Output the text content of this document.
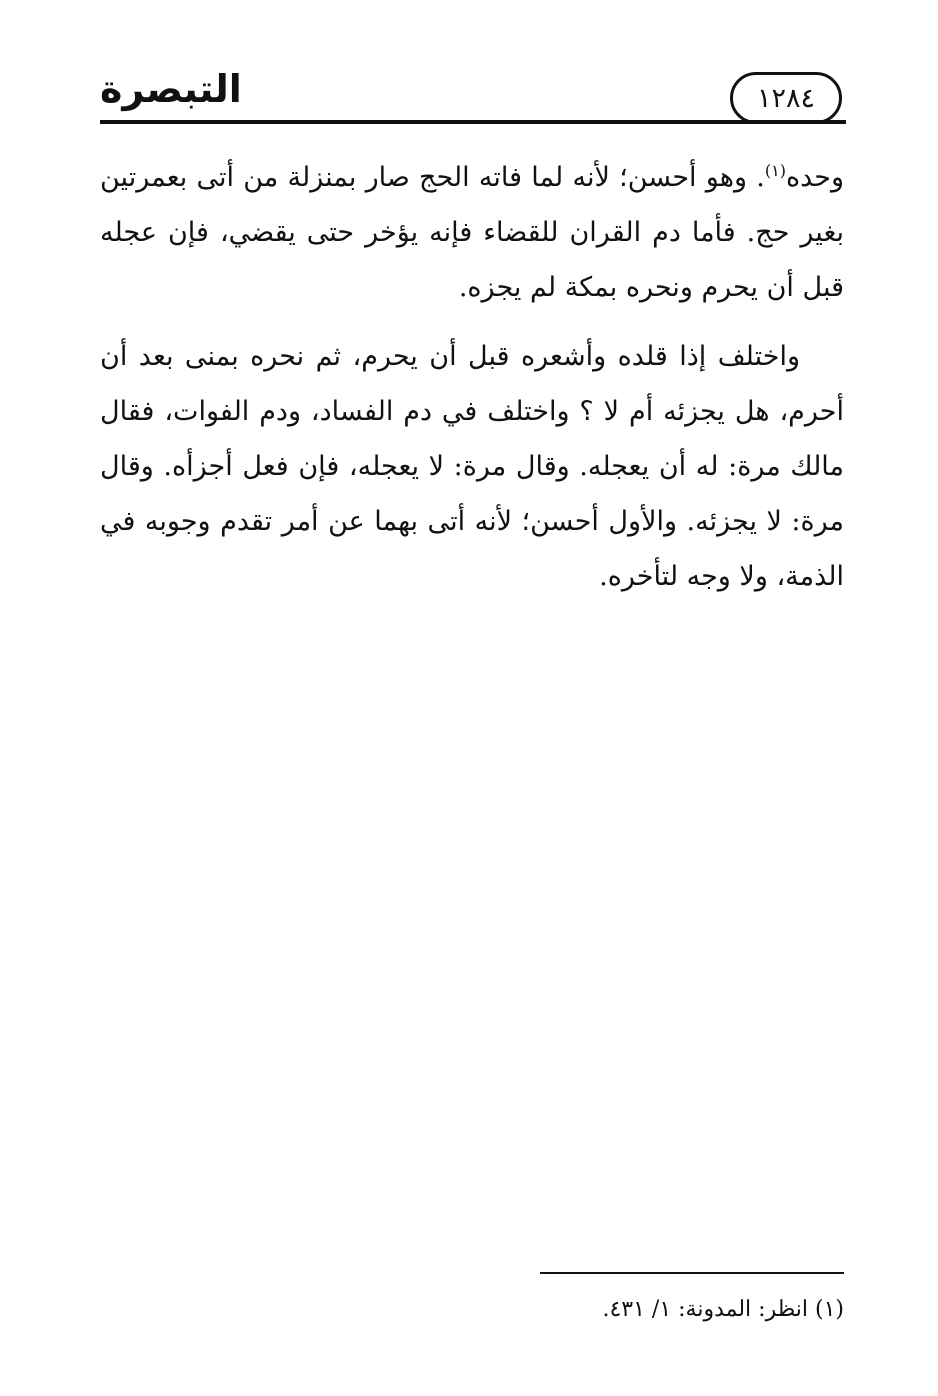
التبصرة	١٢٨٤

وحده$^{(١)}$. وهو أحسن؛ لأنه لما فاته الحج صار بمنزلة من أتى بعمرتين بغير حج. فأما دم القران للقضاء فإنه يؤخر حتى يقضي، فإن عجله قبل أن يحرم ونحره بمكة لم يجزه.

واختلف إذا قلده وأشعره قبل أن يحرم، ثم نحره بمنى بعد أن أحرم، هل يجزئه أم لا ؟ واختلف في دم الفساد، ودم الفوات، فقال مالك مرة: له أن يعجله. وقال مرة: لا يعجله، فإن فعل أجزأه. وقال مرة: لا يجزئه. والأول أحسن؛ لأنه أتى بهما عن أمر تقدم وجوبه في الذمة، ولا وجه لتأخره.

(١) انظر: المدونة: ١/ ٤٣١.
